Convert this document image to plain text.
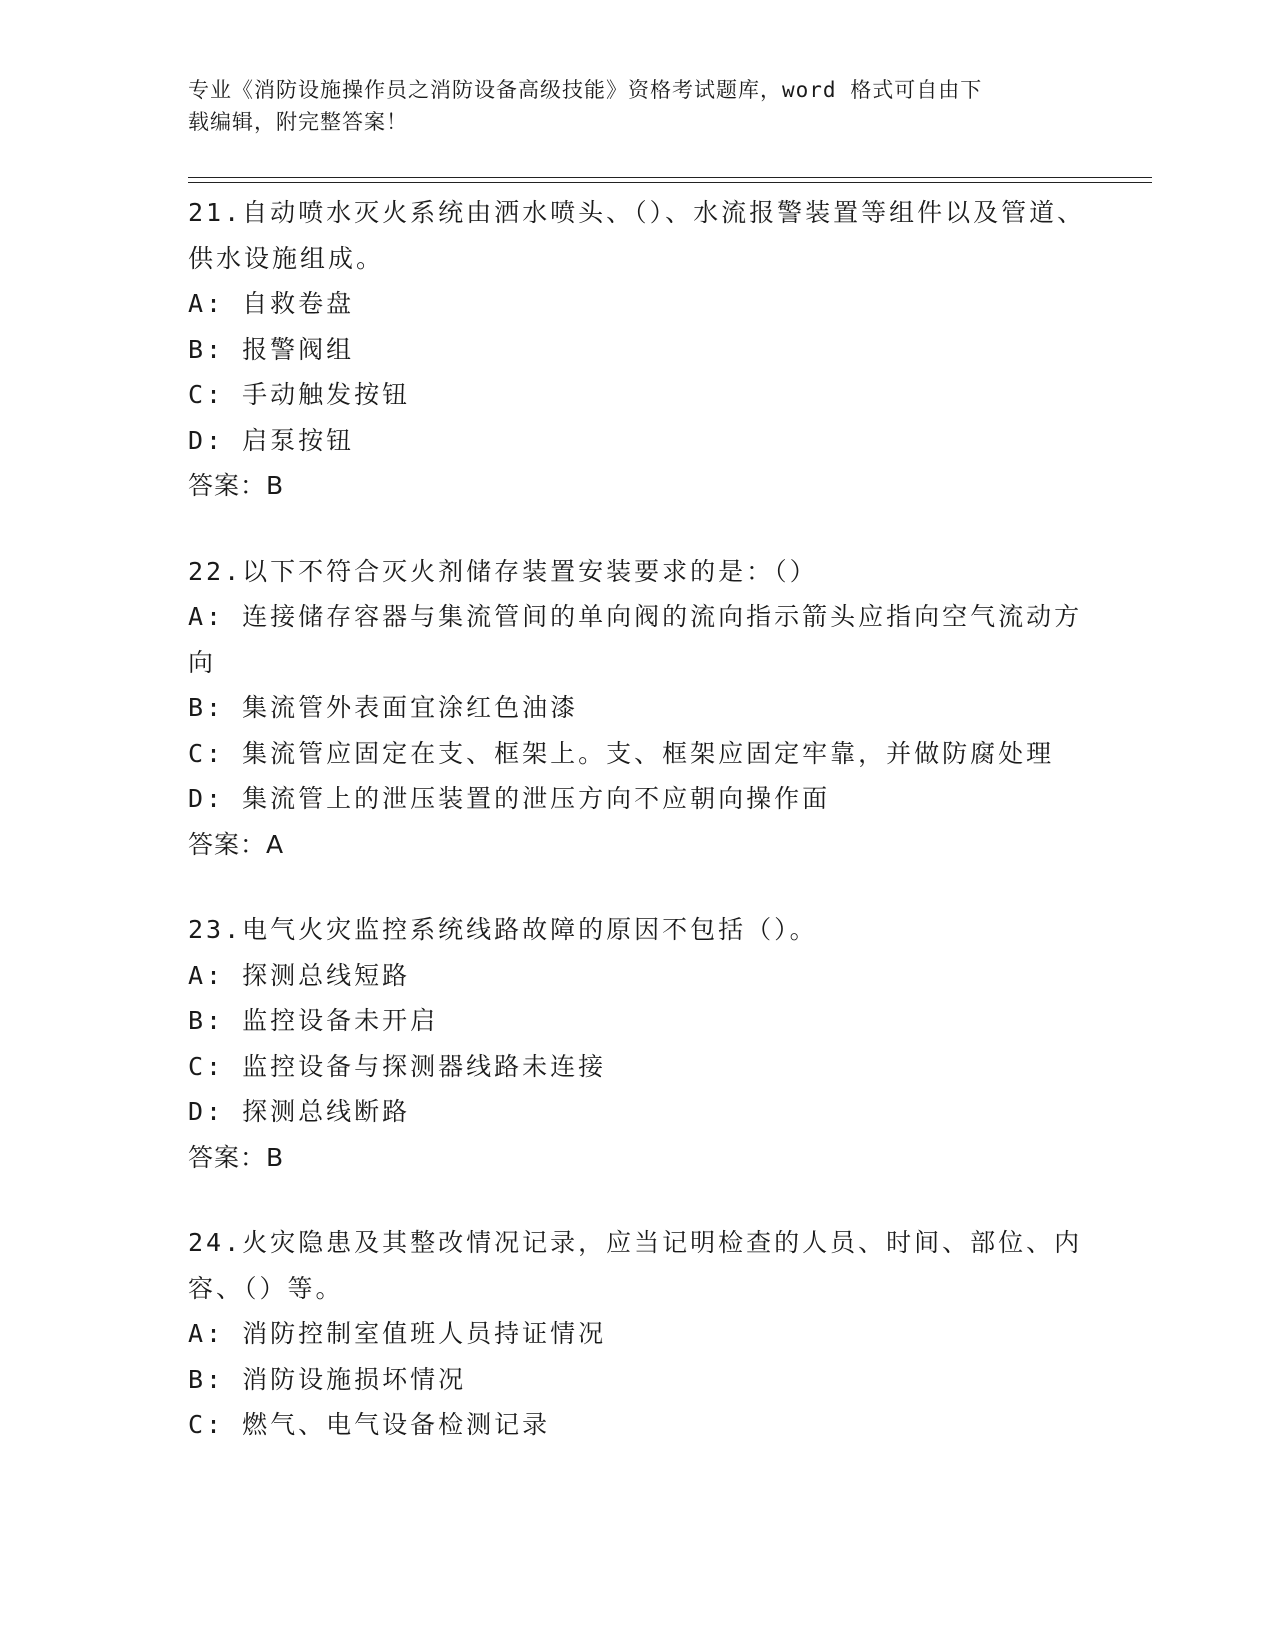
专业《消防设施操作员之消防设备高级技能》资格考试题库，word 格式可自由下
载编辑，附完整答案！
21.自动喷水灭火系统由洒水喷头、（）、水流报警装置等组件以及管道、供水设施组成。
A: 自救卷盘
B: 报警阀组
C: 手动触发按钮
D: 启泵按钮
答案：B
22.以下不符合灭火剂储存装置安装要求的是：（）
A: 连接储存容器与集流管间的单向阀的流向指示箭头应指向空气流动方向
B: 集流管外表面宜涂红色油漆
C: 集流管应固定在支、框架上。支、框架应固定牢靠，并做防腐处理
D: 集流管上的泄压装置的泄压方向不应朝向操作面
答案：A
23.电气火灾监控系统线路故障的原因不包括（）。
A: 探测总线短路
B: 监控设备未开启
C: 监控设备与探测器线路未连接
D: 探测总线断路
答案：B
24.火灾隐患及其整改情况记录，应当记明检查的人员、时间、部位、内容、（）等。
A: 消防控制室值班人员持证情况
B: 消防设施损坏情况
C: 燃气、电气设备检测记录
